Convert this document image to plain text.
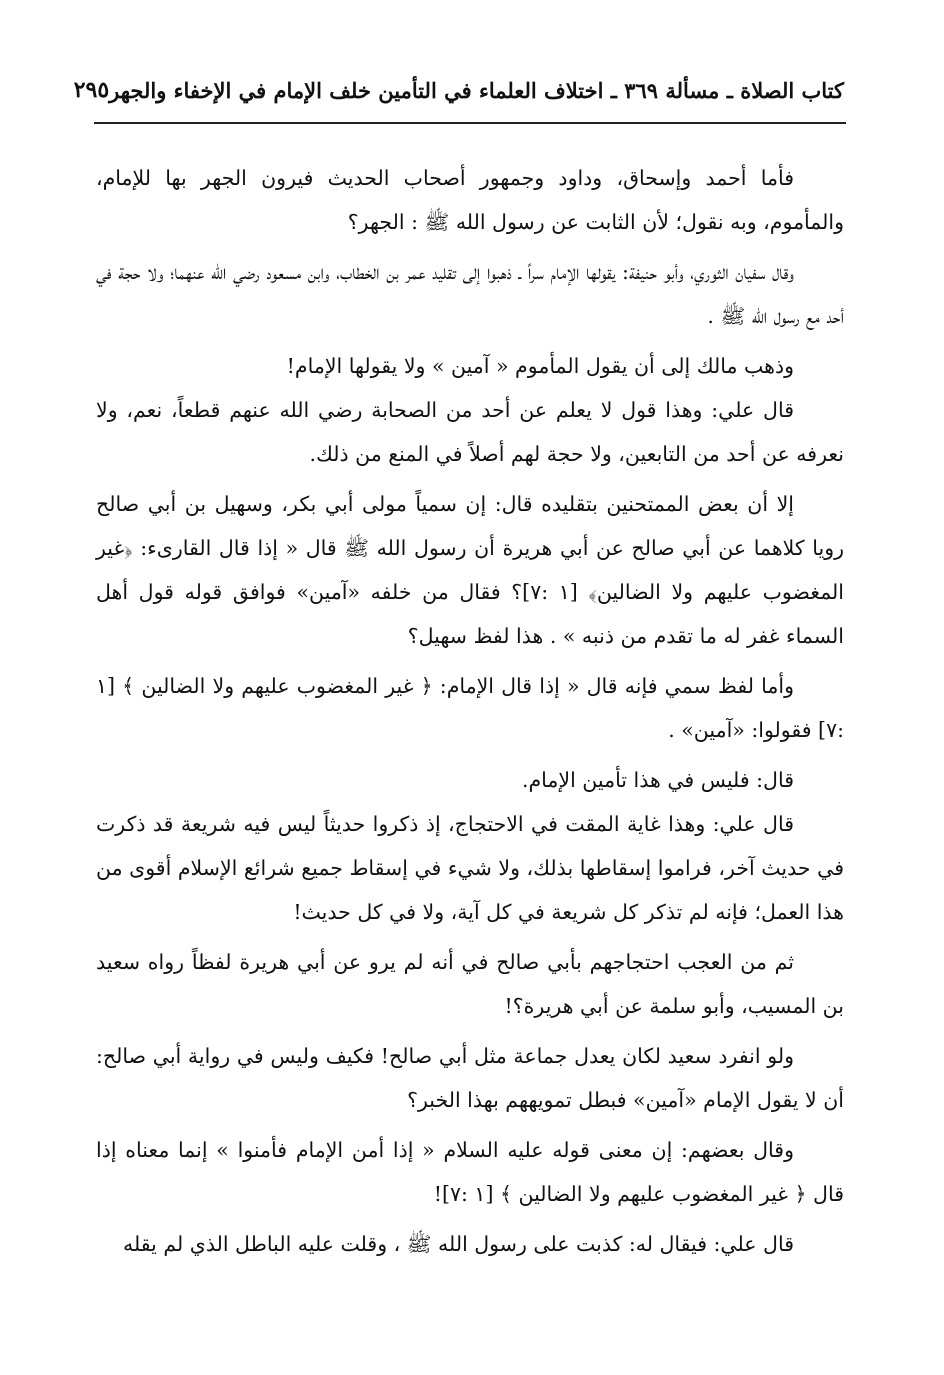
كتاب الصلاة ـ مسألة ٣٦٩ ـ اختلاف العلماء في التأمين خلف الإمام في الإخفاء والجهر
٢٩٥

فأما أحمد وإسحاق، وداود وجمهور أصحاب الحديث فيرون الجهر بها للإمام، والمأموم، وبه نقول؛ لأن الثابت عن رسول الله ﷺ : الجهر؟

وقال سفيان الثوري، وأبو حنيفة: يقولها الإمام سراً ـ ذهبوا إلى تقليد عمر بن الخطاب، وابن مسعود رضي الله عنهما؛ ولا حجة في أحد مع رسول الله ﷺ .

وذهب مالك إلى أن يقول المأموم « آمين » ولا يقولها الإمام!

قال علي: وهذا قول لا يعلم عن أحد من الصحابة رضي الله عنهم قطعاً، نعم، ولا نعرفه عن أحد من التابعين، ولا حجة لهم أصلاً في المنع من ذلك.

إلا أن بعض الممتحنين بتقليده قال: إن سمياً مولى أبي بكر، وسهيل بن أبي صالح رويا كلاهما عن أبي صالح عن أبي هريرة أن رسول الله ﷺ قال « إذا قال القارىء: ﴿غير المغضوب عليهم ولا الضالين﴾ [١ :٧]؟ فقال من خلفه «آمين» فوافق قوله قول أهل السماء غفر له ما تقدم من ذنبه » . هذا لفظ سهيل؟

وأما لفظ سمي فإنه قال « إذا قال الإمام: ﴿ غير المغضوب عليهم ولا الضالين ﴾ [١ :٧] فقولوا: «آمين» .

قال: فليس في هذا تأمين الإمام.

قال علي: وهذا غاية المقت في الاحتجاج، إذ ذكروا حديثاً ليس فيه شريعة قد ذكرت في حديث آخر، فراموا إسقاطها بذلك، ولا شيء في إسقاط جميع شرائع الإسلام أقوى من هذا العمل؛ فإنه لم تذكر كل شريعة في كل آية، ولا في كل حديث!

ثم من العجب احتجاجهم بأبي صالح في أنه لم يرو عن أبي هريرة لفظاً رواه سعيد بن المسيب، وأبو سلمة عن أبي هريرة؟!

ولو انفرد سعيد لكان يعدل جماعة مثل أبي صالح! فكيف وليس في رواية أبي صالح: أن لا يقول الإمام «آمين» فبطل تمويههم بهذا الخبر؟

وقال بعضهم: إن معنى قوله عليه السلام « إذا أمن الإمام فأمنوا » إنما معناه إذا قال ﴿ غير المغضوب عليهم ولا الضالين ﴾ [١ :٧]!

قال علي: فيقال له: كذبت على رسول الله ﷺ ، وقلت عليه الباطل الذي لم يقله
